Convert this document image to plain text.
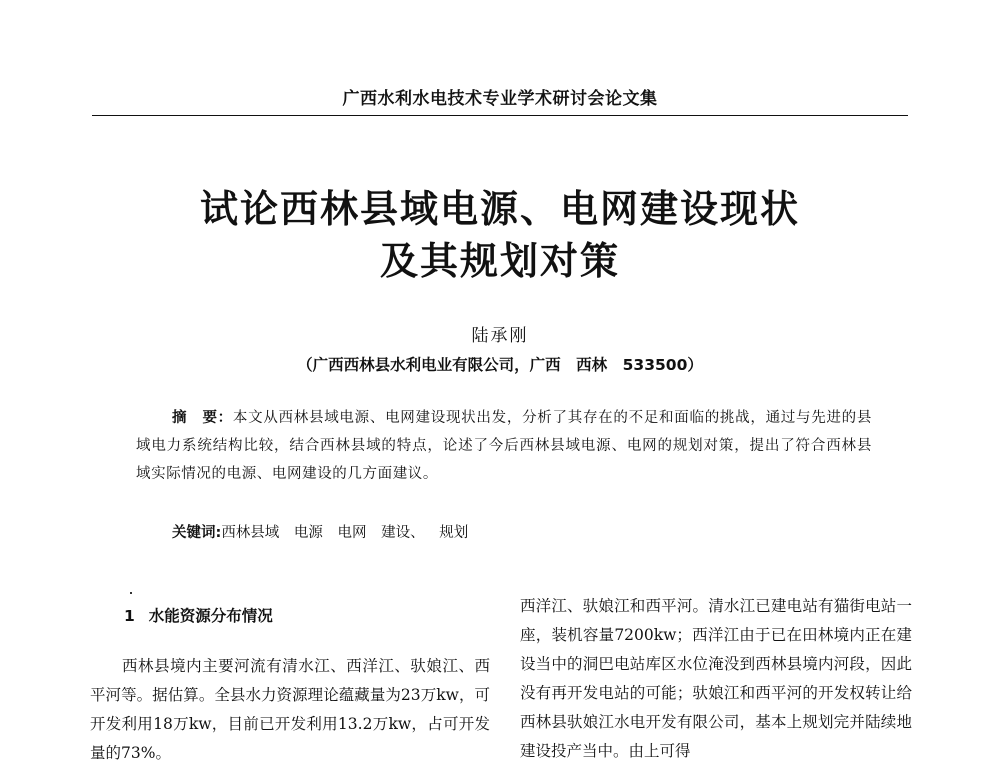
广西水利水电技术专业学术研讨会论文集
试论西林县域电源、电网建设现状
及其规划对策
陆承刚
（广西西林县水利电业有限公司，广西　西林　533500）
摘　要：本文从西林县域电源、电网建设现状出发，分析了其存在的不足和面临的挑战，通过与先进的县域电力系统结构比较，结合西林县域的特点，论述了今后西林县域电源、电网的规划对策，提出了符合西林县域实际情况的电源、电网建设的几方面建议。
关键词:西林县域 电源 电网 建设、 规划
1 水能资源分布情况
西林县境内主要河流有清水江、西洋江、驮娘江、西平河等。据估算。全县水力资源理论蕴藏量为23万kw，可开发利用18万kw，目前已开发利用13.2万kw，占可开发量的73%。
西洋江、驮娘江和西平河。清水江已建电站有猫街电站一座，装机容量7200kw；西洋江由于已在田林境内正在建设当中的洞巴电站库区水位淹没到西林县境内河段，因此没有再开发电站的可能；驮娘江和西平河的开发权转让给西林县驮娘江水电开发有限公司，基本上规划完并陆续地建设投产当中。由上可得
